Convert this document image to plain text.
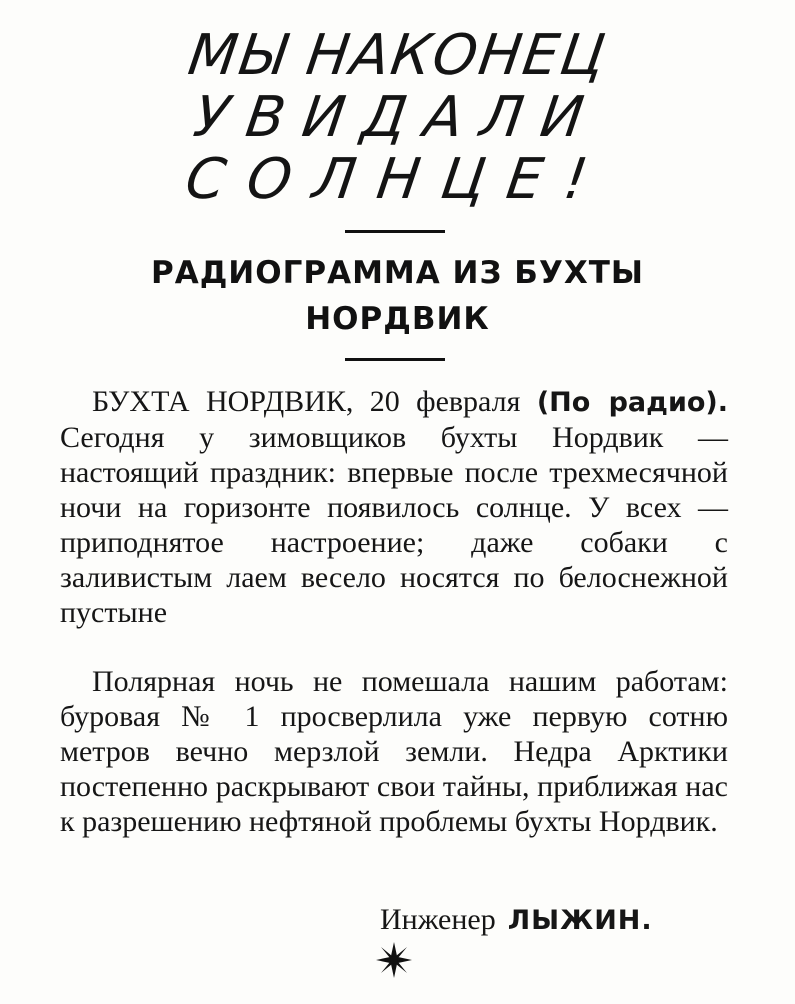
МЫ НАКОНЕЦ
УВИДАЛИ
СОЛНЦЕ!
РАДИОГРАММА ИЗ БУХТЫ
НОРДВИК
БУХТА НОРДВИК, 20 февраля (По радио). Сегодня у зимовщиков бухты Нордвик — настоящий праздник: впервые после трехмесячной ночи на горизонте появилось солнце. У всех — приподнятое настроение; даже собаки с заливистым лаем весело носятся по белоснежной пустыне
Полярная ночь не помешала нашим работам: буровая № 1 просверлила уже первую сотню метров вечно мерзлой земли. Недра Арктики постепенно раскрывают свои тайны, приближая нас к разрешению нефтяной проблемы бухты Нордвик.
Инженер ЛЫЖИН.
